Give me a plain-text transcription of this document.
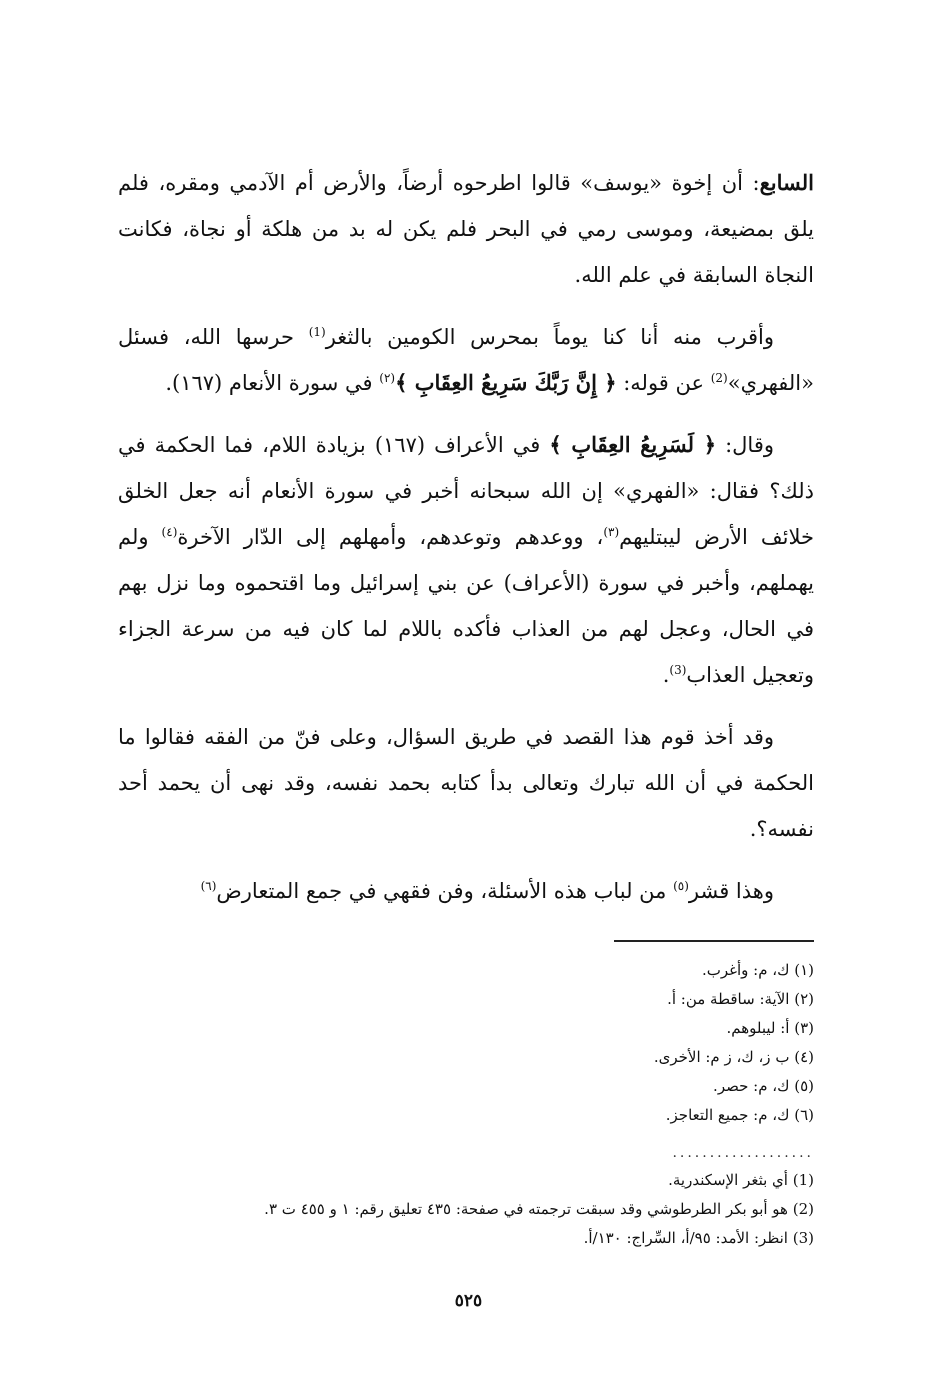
السابع: أن إخوة «يوسف» قالوا اطرحوه أرضاً، والأرض أم الآدمي ومقره، فلم يلق بمضيعة، وموسى رمي في البحر فلم يكن له بد من هلكة أو نجاة، فكانت النجاة السابقة في علم الله.

وأقرب منه أنا كنا يوماً بمحرس الكومين بالثغر$^{(1)}$ حرسها الله، فسئل «الفهري»$^{(2)}$ عن قوله: ﴿ إِنَّ رَبَّكَ سَرِيعُ العِقَابِ ﴾$^{(٢)}$ في سورة الأنعام (١٦٧).

وقال: ﴿ لَسَرِيعُ العِقَابِ ﴾ في الأعراف (١٦٧) بزيادة اللام، فما الحكمة في ذلك؟ فقال: «الفهري» إن الله سبحانه أخبر في سورة الأنعام أنه جعل الخلق خلائف الأرض ليبتليهم$^{(٣)}$، ووعدهم وتوعدهم، وأمهلهم إلى الدّار الآخرة$^{(٤)}$ ولم يهملهم، وأخبر في سورة (الأعراف) عن بني إسرائيل وما اقتحموه وما نزل بهم في الحال، وعجل لهم من العذاب فأكده باللام لما كان فيه من سرعة الجزاء وتعجيل العذاب$^{(3)}$.

وقد أخذ قوم هذا القصد في طريق السؤال، وعلى فنّ من الفقه فقالوا ما الحكمة في أن الله تبارك وتعالى بدأ كتابه بحمد نفسه، وقد نهى أن يحمد أحد نفسه؟.

وهذا قشر$^{(٥)}$ من لباب هذه الأسئلة، وفن فقهي في جمع المتعارض$^{(٦)}$

(١) ك، م: وأغرب.
(٢) الآية: ساقطة من: أ.
(٣) أ: ليبلوهم.
(٤) ب ز، ك، ز م: الأخرى.
(٥) ك، م: حصر.
(٦) ك، م: جميع التعاجز.
...................
(1) أي بثغر الإسكندرية.
(2) هو أبو بكر الطرطوشي وقد سبقت ترجمته في صفحة: ٤٣٥ تعليق رقم: ١ و ٤٥٥ ت ٣.
(3) انظر: الأمد: ٩٥/أ، السِّراج: ١٣٠/أ.
٥٢٥
